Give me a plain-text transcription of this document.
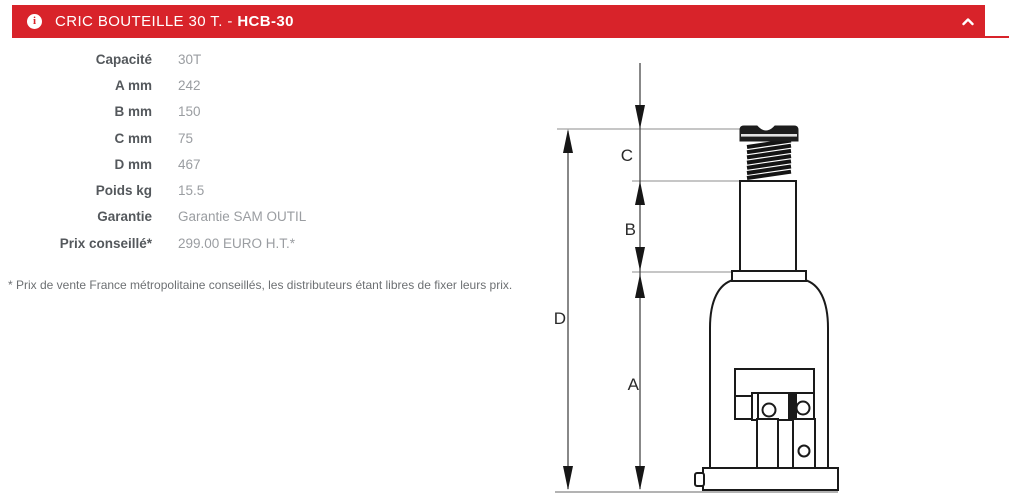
i	CRIC BOUTEILLE 30 T. - HCB-30
Capacité 30T
A mm 242
B mm 150
C mm 75
D mm 467
Poids kg 15.5
Garantie Garantie SAM OUTIL
Prix conseillé* 299.00 EURO H.T.*
* Prix de vente France métropolitaine conseillés, les distributeurs étant libres de fixer leurs prix.
C
B
D
A
